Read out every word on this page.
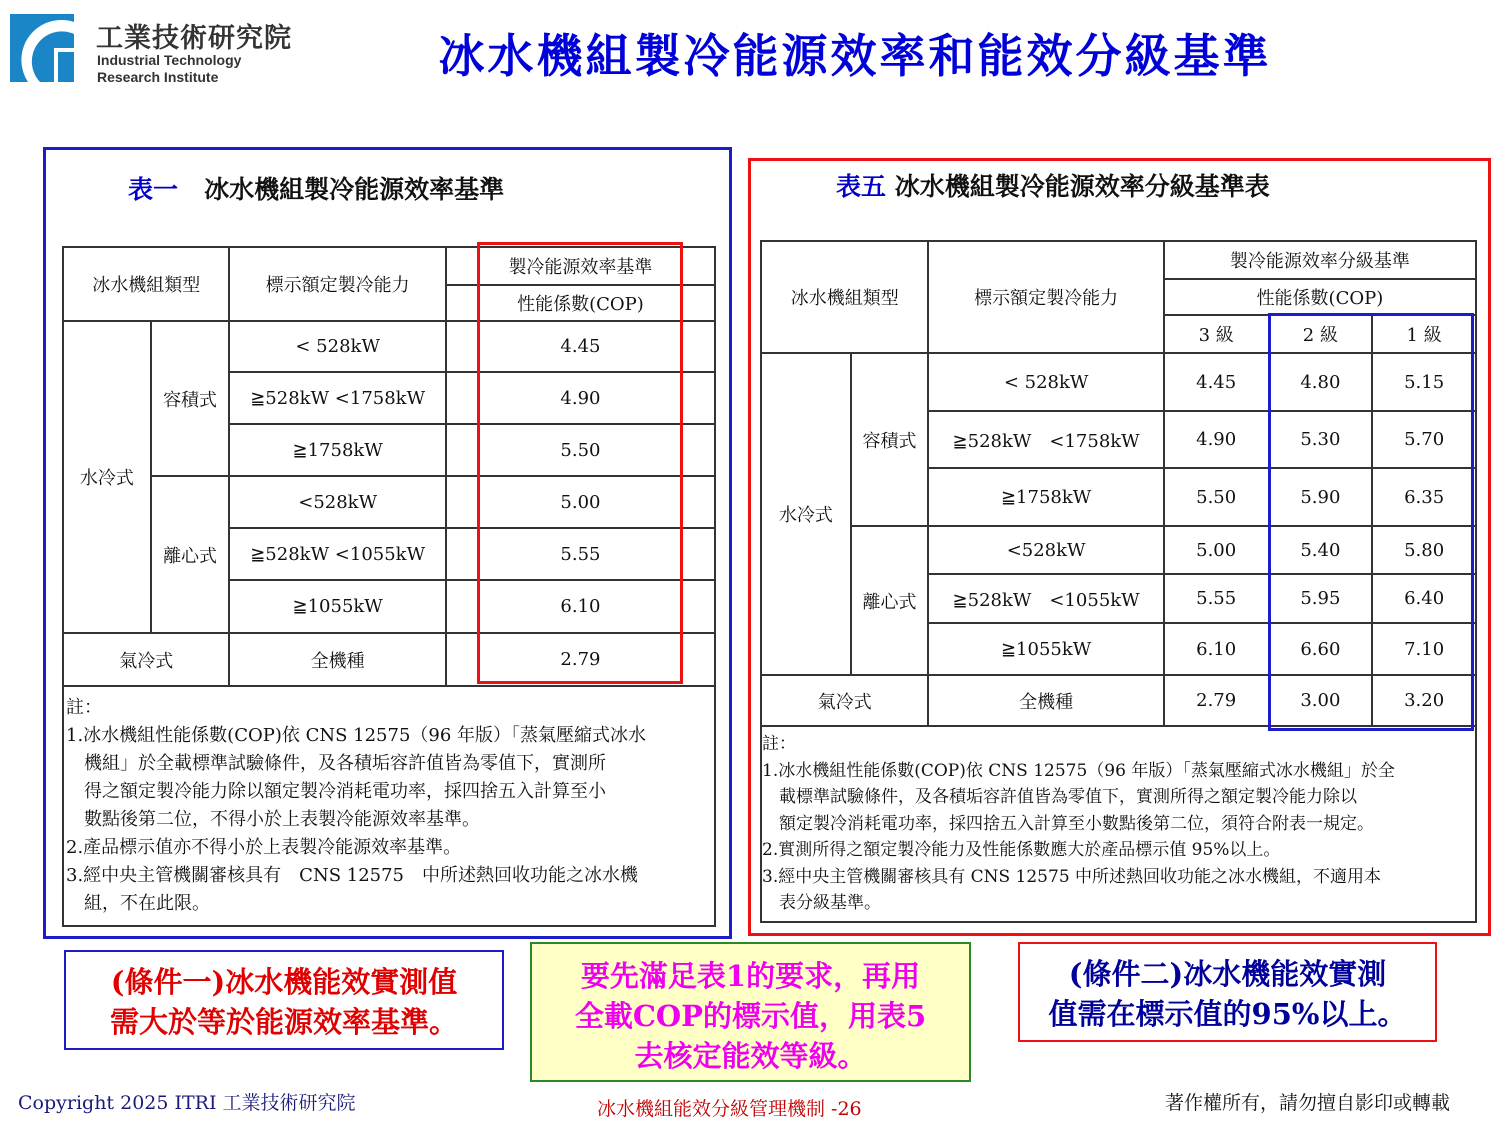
工業技術研究院
Industrial Technology
Research Institute	冰水機組製冷能源效率和能效分級基準
表一 冰水機組製冷能源效率基準
冰水機組類型		標示額定製冷能力	製冷能源效率基準
			性能係數(COP)
水冷式	容積式	< 528kW	4.45
		≧528kW <1758kW	4.90
		≧1758kW	5.50
	離心式	<528kW	5.00
		≧528kW <1055kW	5.55
		≧1055kW	6.10
氣冷式		全機種	2.79

註：
1.冰水機組性能係數(COP)依 CNS 12575（96 年版）「蒸氣壓縮式冰水
　機組」於全載標準試驗條件，及各積垢容許值皆為零值下，實測所
　得之額定製冷能力除以額定製冷消耗電功率，採四捨五入計算至小
　數點後第二位，不得小於上表製冷能源效率基準。
2.產品標示值亦不得小於上表製冷能源效率基準。
3.經中央主管機關審核具有　CNS 12575　中所述熱回收功能之冰水機
　組，不在此限。
表五 冰水機組製冷能源效率分級基準表
冰水機組類型		標示額定製冷能力	製冷能源效率分級基準		
			性能係數(COP)		
			3 級	2 級	1 級
水冷式	容積式	< 528kW	4.45	4.80	5.15
		≧528kW　<1758kW	4.90	5.30	5.70
		≧1758kW	5.50	5.90	6.35
	離心式	<528kW	5.00	5.40	5.80
		≧528kW　<1055kW	5.55	5.95	6.40
		≧1055kW	6.10	6.60	7.10
氣冷式		全機種	2.79	3.00	3.20

註：
1.冰水機組性能係數(COP)依 CNS 12575（96 年版）「蒸氣壓縮式冰水機組」於全
　載標準試驗條件，及各積垢容許值皆為零值下，實測所得之額定製冷能力除以
　額定製冷消耗電功率，採四捨五入計算至小數點後第二位，須符合附表一規定。
2.實測所得之額定製冷能力及性能係數應大於產品標示值 95%以上。
3.經中央主管機關審核具有 CNS 12575 中所述熱回收功能之冰水機組，不適用本
　表分級基準。
(條件一)冰水機能效實測值
需大於等於能源效率基準。
要先滿足表1的要求，再用
全載COP的標示值，用表5
去核定能效等級。
(條件二)冰水機能效實測
值需在標示值的95%以上。
Copyright 2025 ITRI 工業技術研究院	冰水機組能效分級管理機制 -26	著作權所有，請勿擅自影印或轉載
